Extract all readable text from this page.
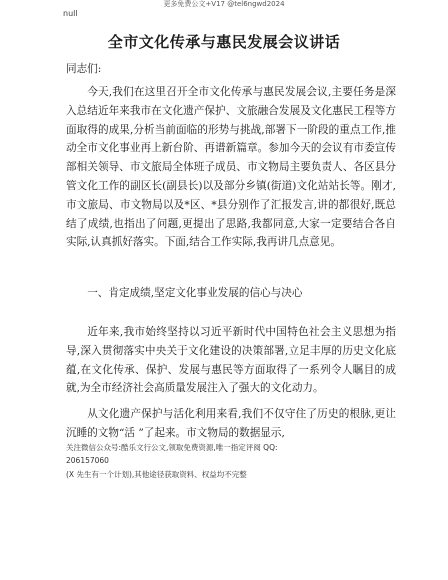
更多免费公文+V17 @tel6ngwd2024
null
全市文化传承与惠民发展会议讲话
同志们:
今天,我们在这里召开全市文化传承与惠民发展会议,主要任务是深入总结近年来我市在文化遗产保护、文旅融合发展及文化惠民工程等方面取得的成果,分析当前面临的形势与挑战,部署下一阶段的重点工作,推动全市文化事业再上新台阶、再谱新篇章。参加今天的会议有市委宣传部相关领导、市文旅局全体班子成员、市文物局主要负责人、各区县分管文化工作的副区长(副县长)以及部分乡镇(街道)文化站站长等。刚才,市文旅局、市文物局以及*区、*县分别作了汇报发言,讲的都很好,既总结了成绩,也指出了问题,更提出了思路,我都同意,大家一定要结合各自实际,认真抓好落实。下面,结合工作实际,我再讲几点意见。
一、肯定成绩,坚定文化事业发展的信心与决心
近年来,我市始终坚持以习近平新时代中国特色社会主义思想为指导,深入贯彻落实中央关于文化建设的决策部署,立足丰厚的历史文化底蕴,在文化传承、保护、发展与惠民等方面取得了一系列令人瞩目的成就,为全市经济社会高质量发展注入了强大的文化动力。
从文化遗产保护与活化利用来看,我们不仅守住了历史的根脉,更让沉睡的文物“活 ”了起来。市文物局的数据显示,
关注微信公众号:酷乐文行公文,领取免费资源,唯一指定评阅 QQ:
206157060
(X 先生有一个计划),其他途径获取资料、权益均不完整
